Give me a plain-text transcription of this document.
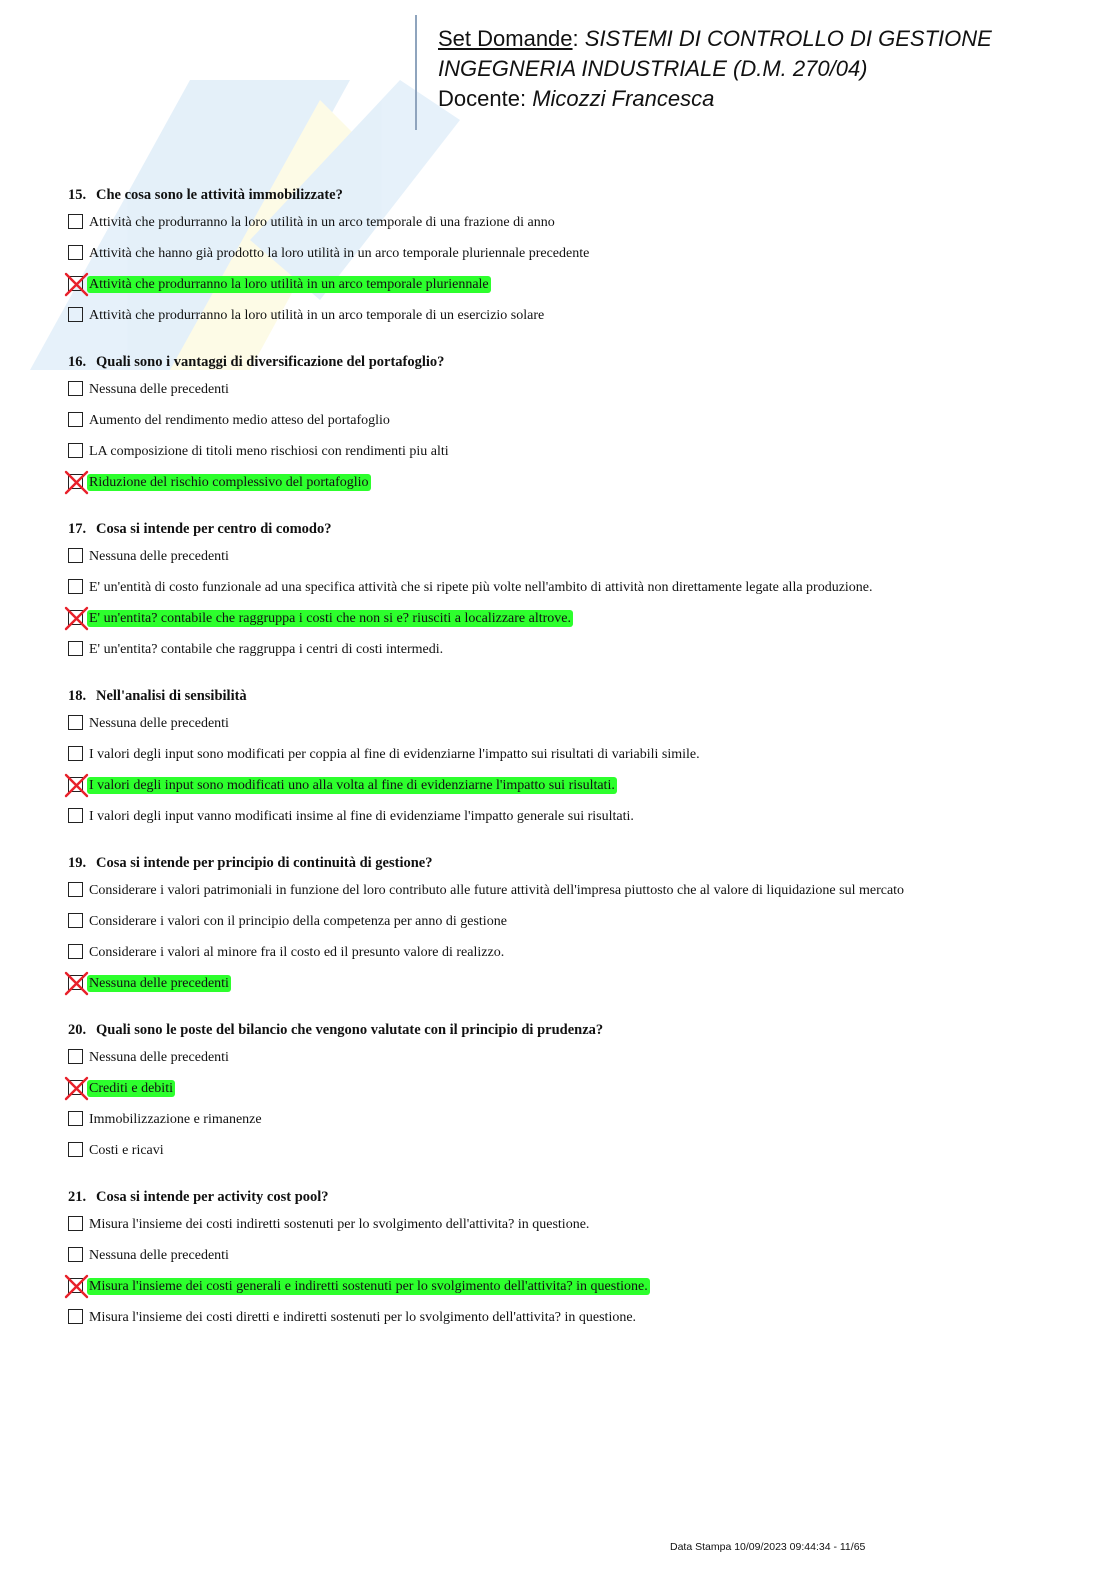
Set Domande: SISTEMI DI CONTROLLO DI GESTIONE
INGEGNERIA INDUSTRIALE (D.M. 270/04)
Docente: Micozzi Francesca
15. Che cosa sono le attività immobilizzate?
Attività che produrranno la loro utilità in un arco temporale di una frazione di anno
Attività che hanno già prodotto la loro utilità in un arco temporale pluriennale precedente
Attività che produrranno la loro utilità in un arco temporale pluriennale
Attività che produrranno la loro utilità in un arco temporale di un esercizio solare
16. Quali sono i vantaggi di diversificazione del portafoglio?
Nessuna delle precedenti
Aumento del rendimento medio atteso del portafoglio
LA composizione di titoli meno rischiosi con rendimenti piu alti
Riduzione del rischio complessivo del portafoglio
17. Cosa si intende per centro di comodo?
Nessuna delle precedenti
E' un'entità di costo funzionale ad una specifica attività che si ripete più volte nell'ambito di attività non direttamente legate alla produzione.
E' un'entita? contabile che raggruppa i costi che non si e? riusciti a localizzare altrove.
E' un'entita? contabile che raggruppa i centri di costi intermedi.
18. Nell'analisi di sensibilità
Nessuna delle precedenti
I valori degli input sono modificati per coppia al fine di evidenziarne l'impatto sui risultati di variabili simile.
I valori degli input sono modificati uno alla volta al fine di evidenziarne l'impatto sui risultati.
I valori degli input vanno modificati insime al fine di evidenziame l'impatto generale sui risultati.
19. Cosa si intende per principio di continuità di gestione?
Considerare i valori patrimoniali in funzione del loro contributo alle future attività dell'impresa piuttosto che al valore di liquidazione sul mercato
Considerare i valori con il principio della competenza per anno di gestione
Considerare i valori al minore fra il costo ed il presunto valore di realizzo.
Nessuna delle precedenti
20. Quali sono le poste del bilancio che vengono valutate con il principio di prudenza?
Nessuna delle precedenti
Crediti e debiti
Immobilizzazione e rimanenze
Costi e ricavi
21. Cosa si intende per activity cost pool?
Misura l'insieme dei costi indiretti sostenuti per lo svolgimento dell'attivita? in questione.
Nessuna delle precedenti
Misura l'insieme dei costi generali e indiretti sostenuti per lo svolgimento dell'attivita? in questione.
Misura l'insieme dei costi diretti e indiretti sostenuti per lo svolgimento dell'attivita? in questione.
Data Stampa 10/09/2023 09:44:34 - 11/65
